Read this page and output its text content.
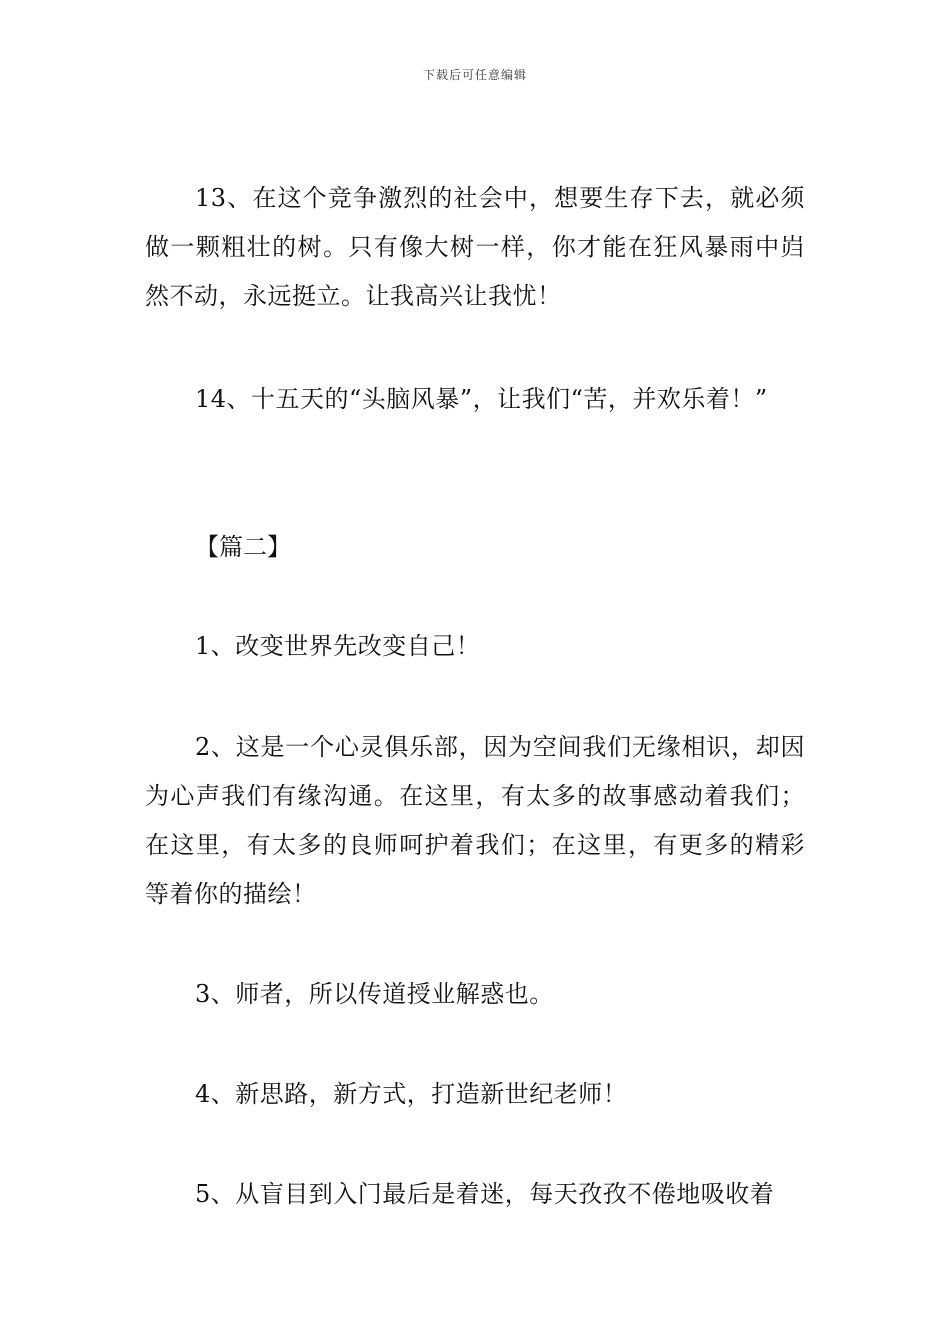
下载后可任意编辑

13、在这个竞争激烈的社会中，想要生存下去，就必须做一颗粗壮的树。只有像大树一样，你才能在狂风暴雨中岿然不动，永远挺立。让我高兴让我忧！

14、十五天的“头脑风暴”，让我们“苦，并欢乐着！”

【篇二】

1、改变世界先改变自己！

2、这是一个心灵俱乐部，因为空间我们无缘相识，却因为心声我们有缘沟通。在这里，有太多的故事感动着我们；在这里，有太多的良师呵护着我们；在这里，有更多的精彩等着你的描绘！

3、师者，所以传道授业解惑也。

4、新思路，新方式，打造新世纪老师！

5、从盲目到入门最后是着迷，每天孜孜不倦地吸收着
